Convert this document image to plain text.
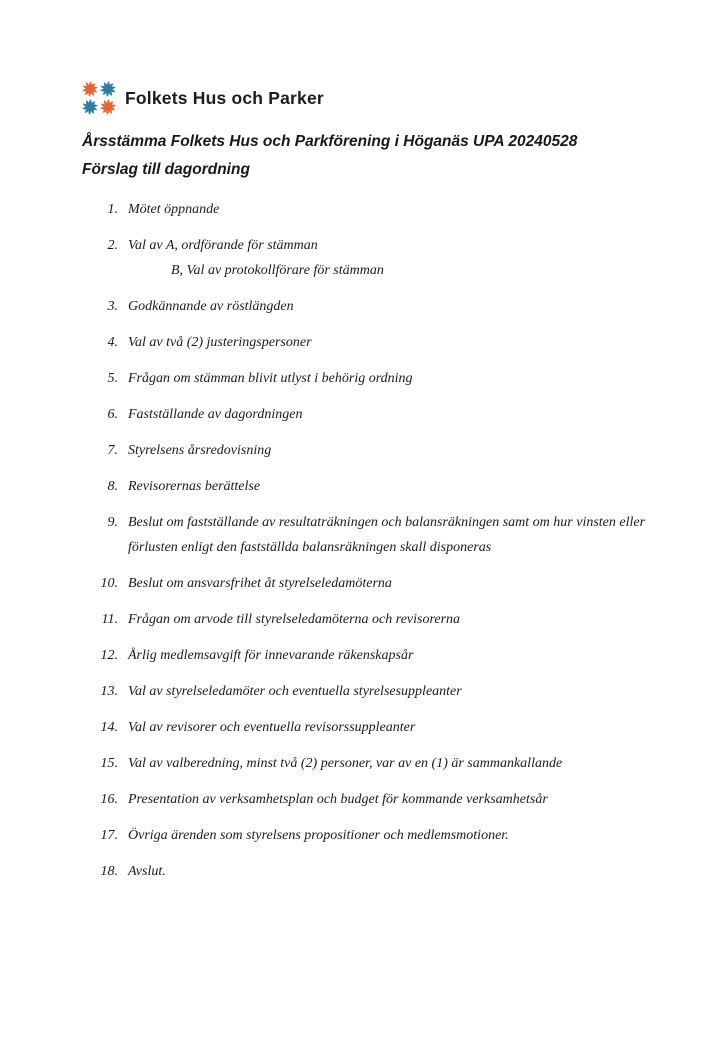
Folkets Hus och Parker
Årsstämma Folkets Hus och Parkförening i Höganäs UPA 20240528
Förslag till dagordning
1. Mötet öppnande
2. Val av A, ordförande för stämman
B, Val av protokollförare för stämman
3. Godkännande av röstlängden
4. Val av två (2) justeringspersoner
5. Frågan om stämman blivit utlyst i behörig ordning
6. Fastställande av dagordningen
7. Styrelsens årsredovisning
8. Revisorernas berättelse
9. Beslut om fastställande av resultaträkningen och balansräkningen samt om hur vinsten eller
förlusten enligt den fastställda balansräkningen skall disponeras
10. Beslut om ansvarsfrihet åt styrelseledamöterna
11. Frågan om arvode till styrelseledamöterna och revisorerna
12. Årlig medlemsavgift för innevarande räkenskapsår
13. Val av styrelseledamöter och eventuella styrelsesuppleanter
14. Val av revisorer och eventuella revisorssuppleanter
15. Val av valberedning, minst två (2) personer, var av en (1) är sammankallande
16. Presentation av verksamhetsplan och budget för kommande verksamhetsår
17. Övriga ärenden som styrelsens propositioner och medlemsmotioner.
18. Avslut.
